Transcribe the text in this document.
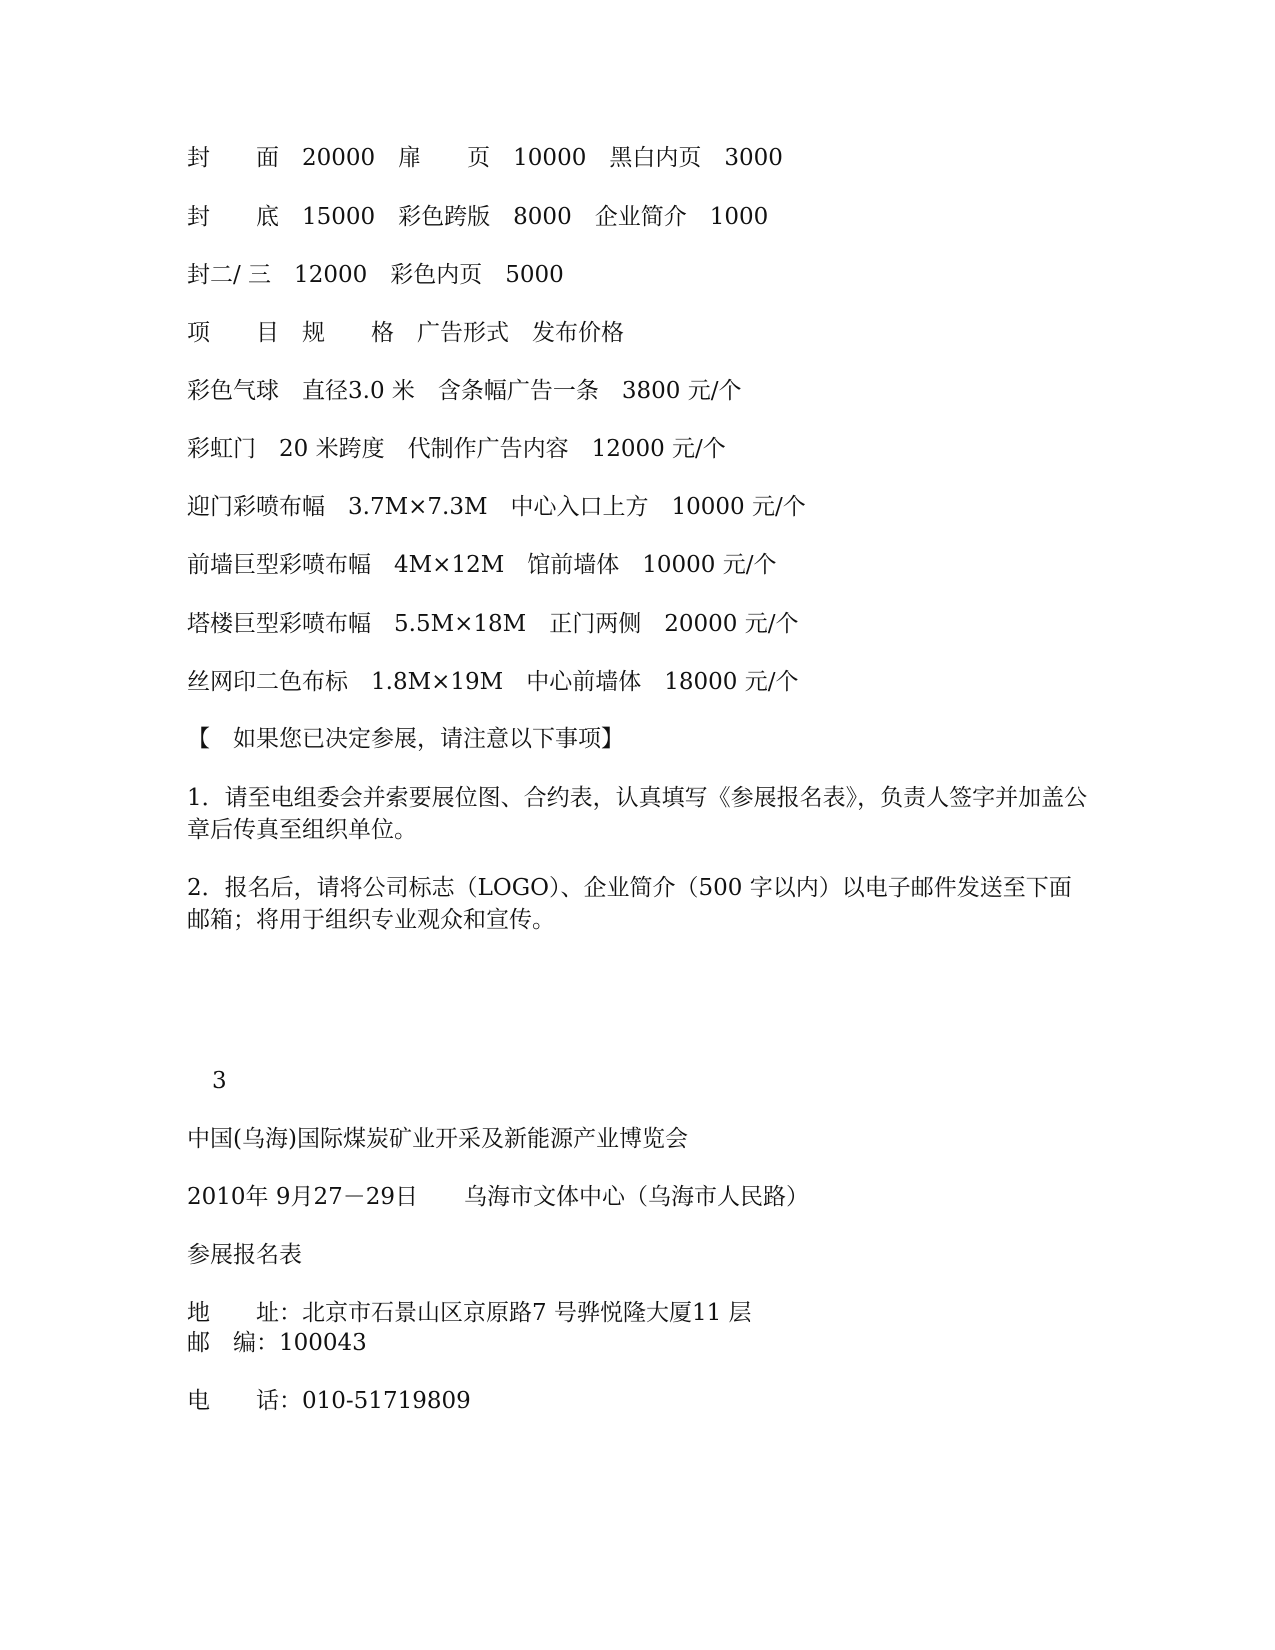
封　　面　20000　扉　　页　10000　黑白内页　3000
封　　底　15000　彩色跨版　8000　企业简介　1000
封二/ 三　12000　彩色内页　5000
项　　目　规　　格　广告形式　发布价格
彩色气球　直径3.0 米　含条幅广告一条　3800 元/个
彩虹门　20 米跨度　代制作广告内容　12000 元/个
迎门彩喷布幅　3.7M×7.3M　中心入口上方　10000 元/个
前墙巨型彩喷布幅　4M×12M　馆前墙体　10000 元/个
塔楼巨型彩喷布幅　5.5M×18M　正门两侧　20000 元/个
丝网印二色布标　1.8M×19M　中心前墙体　18000 元/个
【　如果您已决定参展，请注意以下事项】
1．请至电组委会并索要展位图、合约表，认真填写《参展报名表》，负责人签字并加盖公章后传真至组织单位。
2．报名后，请将公司标志（LOGO）、企业简介（500 字以内）以电子邮件发送至下面邮箱；将用于组织专业观众和宣传。
3
中国(乌海)国际煤炭矿业开采及新能源产业博览会
2010年 9月27－29日　　乌海市文体中心（乌海市人民路）
参展报名表
地　　址：北京市石景山区京原路7 号骅悦隆大厦11 层
邮　编：100043
电　　话：010-51719809
